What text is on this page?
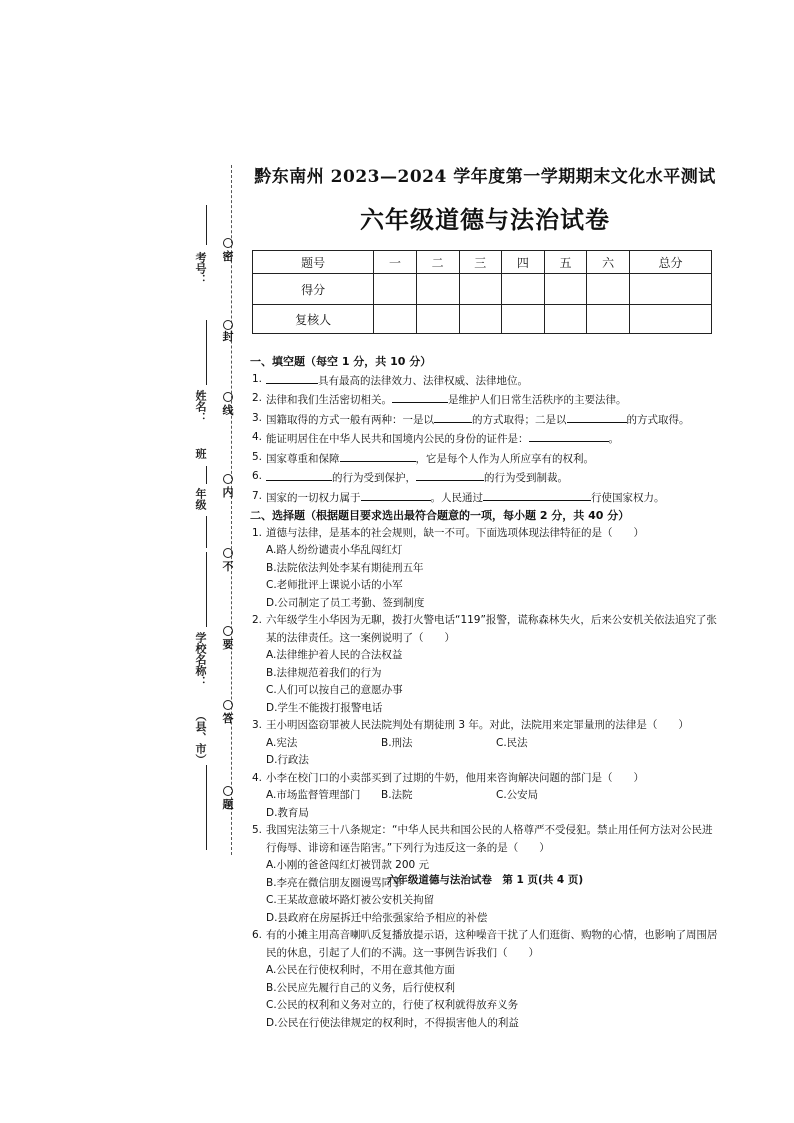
考号：
姓名：
年级
班
学校名称：
（县、市）
密
封
线
内
不
要
答
题
黔东南州 2023—2024 学年度第一学期期末文化水平测试
六年级道德与法治试卷
题号	一	二	三	四	五	六	总分
得分							
复核人							
一、填空题（每空 1 分，共 10 分）
1.	具有最高的法律效力、法律权威、法律地位。
2. 法律和我们生活密切相关。	是维护人们日常生活秩序的主要法律。
3. 国籍取得的方式一般有两种：一是以	的方式取得；二是以	的方式取得。
4. 能证明居住在中华人民共和国境内公民的身份的证件是：	。
5. 国家尊重和保障	，它是每个人作为人所应享有的权利。
6.	的行为受到保护，	的行为受到制裁。
7. 国家的一切权力属于	。人民通过	行使国家权力。
二、选择题（根据题目要求选出最符合题意的一项，每小题 2 分，共 40 分）
1. 道德与法律，是基本的社会规则，缺一不可。下面选项体现法律特征的是（　　）
A.路人纷纷谴责小华乱闯红灯
B.法院依法判处李某有期徒刑五年
C.老师批评上课说小话的小军
D.公司制定了员工考勤、签到制度
2. 六年级学生小华因为无聊，拨打火警电话“119”报警，谎称森林失火，后来公安机关依法追究了张某的法律责任。这一案例说明了（　　）
A.法律维护着人民的合法权益
B.法律规范着我们的行为
C.人们可以按自己的意愿办事
D.学生不能拨打报警电话
3. 王小明因盗窃罪被人民法院判处有期徒刑 3 年。对此，法院用来定罪量刑的法律是（　　）
A.宪法	B.刑法	C.民法
D.行政法
4. 小李在校门口的小卖部买到了过期的牛奶，他用来咨询解决问题的部门是（　　）
A.市场监督管理部门	B.法院	C.公安局
D.教育局
5. 我国宪法第三十八条规定：“中华人民共和国公民的人格尊严不受侵犯。禁止用任何方法对公民进行侮辱、诽谤和诬告陷害。”下列行为违反这一条的是（　　）
A.小刚的爸爸闯红灯被罚款 200 元
B.李亮在微信朋友圈谩骂同事
C.王某故意破坏路灯被公安机关拘留
D.县政府在房屋拆迁中给张强家给予相应的补偿
6. 有的小摊主用高音喇叭反复播放提示语，这种噪音干扰了人们逛街、购物的心情，也影响了周围居民的休息，引起了人们的不满。这一事例告诉我们（　　）
A.公民在行使权利时，不用在意其他方面
B.公民应先履行自己的义务，后行使权利
C.公民的权利和义务对立的，行使了权利就得放弃义务
D.公民在行使法律规定的权利时，不得损害他人的利益
六年级道德与法治试卷　第 1 页(共 4 页)
